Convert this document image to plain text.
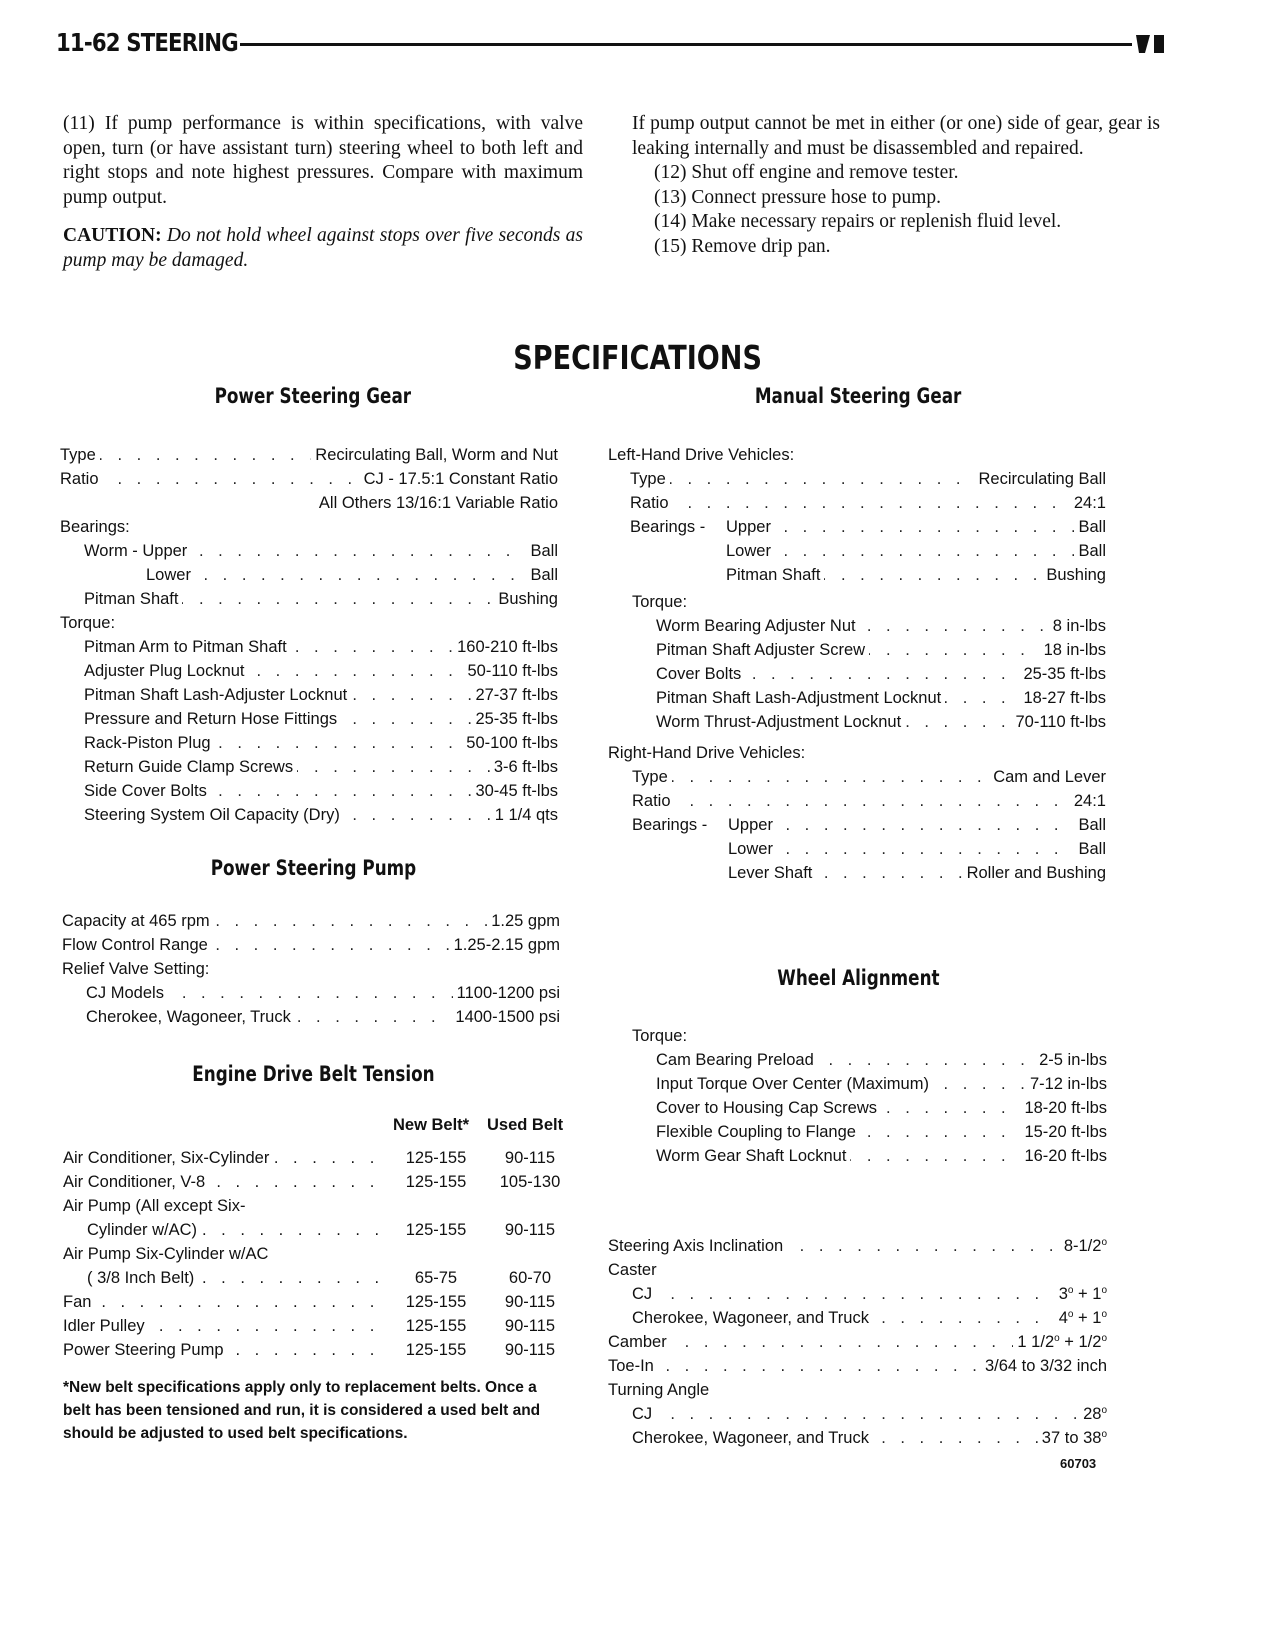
11-62 STEERING

(11) If pump performance is within specifications, with valve open, turn (or have assistant turn) steering wheel to both left and right stops and note highest pressures. Compare with maximum pump output.

CAUTION: Do not hold wheel against stops over five seconds as pump may be damaged.

If pump output cannot be met in either (or one) side of gear, gear is leaking internally and must be disassembled and repaired.

(12) Shut off engine and remove tester.
(13) Connect pressure hose to pump.
(14) Make necessary repairs or replenish fluid level.
(15) Remove drip pan.
SPECIFICATIONS
Power Steering Gear
. . .
Type	Recirculating Ball, Worm and Nut
. . .
Ratio	CJ - 17.5:1 Constant Ratio
All Others 13/16:1 Variable Ratio
Bearings:
. . .
Worm - Upper	Ball
. . .
Lower	Ball
. . .
Pitman Shaft	Bushing
Torque:
. . .
Pitman Arm to Pitman Shaft	160-210 ft-lbs
. . .
Adjuster Plug Locknut	50-110 ft-lbs
. . .
Pitman Shaft Lash-Adjuster Locknut	27-37 ft-lbs
. . .
Pressure and Return Hose Fittings	25-35 ft-lbs
. . .
Rack-Piston Plug	50-100 ft-lbs
. . .
Return Guide Clamp Screws	3-6 ft-lbs
. . .
Side Cover Bolts	30-45 ft-lbs
. . .
Steering System Oil Capacity (Dry)	1 1/4 qts
Power Steering Pump
. . .
Capacity at 465 rpm	1.25 gpm
. . .
Flow Control Range	1.25-2.15 gpm
Relief Valve Setting:
. . .
CJ Models	1100-1200 psi
. . .
Cherokee, Wagoneer, Truck	1400-1500 psi
Engine Drive Belt Tension
New Belt* Used Belt
. . .
Air Conditioner, Six-Cylinder	125-155	90-115
. . .
Air Conditioner, V-8	125-155 105-130
Air Pump (All except Six-
. . .
Cylinder w/AC)	125-155	90-115
Air Pump Six-Cylinder w/AC
. . .
( 3/8 Inch Belt)	65-75	60-70
. . .
Fan	125-155	90-115
. . .
Idler Pulley	125-155	90-115
. . .
Power Steering Pump	125-155	90-115
*New belt specifications apply only to replacement belts. Once a belt has been tensioned and run, it is considered a used belt and should be adjusted to used belt specifications.
Manual Steering Gear
Left-Hand Drive Vehicles:
. . .
Type	Recirculating Ball
. . .
Ratio	24:1
. . .
Bearings - Upper	Ball
. . .
Lower	Ball
. . .
Pitman Shaft	Bushing
Torque:
. . .
Worm Bearing Adjuster Nut	8 in-lbs
. . .
Pitman Shaft Adjuster Screw	18 in-lbs
. . .
Cover Bolts	25-35 ft-lbs
. . .
Pitman Shaft Lash-Adjustment Locknut	18-27 ft-lbs
. . .
Worm Thrust-Adjustment Locknut	70-110 ft-lbs
Right-Hand Drive Vehicles:
. . .
Type	Cam and Lever
. . .
Ratio	24:1
. . .
Bearings - Upper	Ball
. . .
Lower	Ball
. . .
Lever Shaft	Roller and Bushing
Wheel Alignment
Torque:
. . .
Cam Bearing Preload	2-5 in-lbs
. . .
Input Torque Over Center (Maximum)	7-12 in-lbs
. . .
Cover to Housing Cap Screws	18-20 ft-lbs
. . .
Flexible Coupling to Flange	15-20 ft-lbs
. . .
Worm Gear Shaft Locknut	16-20 ft-lbs
. . .
Steering Axis Inclination	8-1/2$^o$
Caster
. . .
CJ	$3^o + 1^o$
. . .
Cherokee, Wagoneer, and Truck	$4^o + 1^o$
. . .
Camber	1 $1/2^o + 1/2^o$
. . .
Toe-In	3/64 to 3/32 inch
Turning Angle
. . .
CJ	28$^o$
. . .
Cherokee, Wagoneer, and Truck	37 to 38$^o$
60703
